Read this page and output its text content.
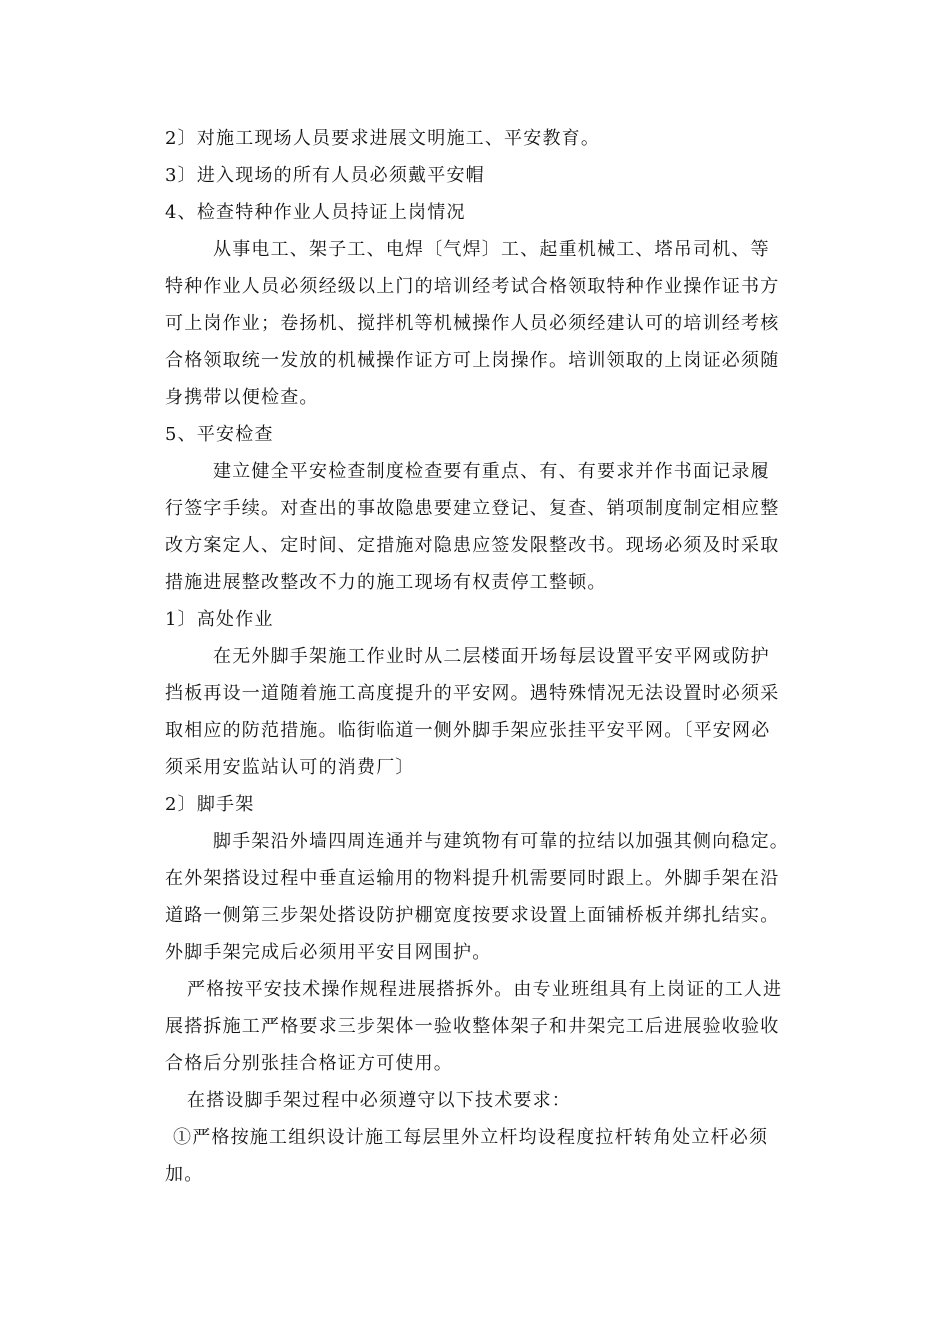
2〕对施工现场人员要求进展文明施工、平安教育。
3〕进入现场的所有人员必须戴平安帽
4、检查特种作业人员持证上岗情况
从事电工、架子工、电焊〔气焊〕工、起重机械工、塔吊司机、等
特种作业人员必须经级以上门的培训经考试合格领取特种作业操作证书方
可上岗作业；卷扬机、搅拌机等机械操作人员必须经建认可的培训经考核
合格领取统一发放的机械操作证方可上岗操作。培训领取的上岗证必须随
身携带以便检查。
5、平安检查
建立健全平安检查制度检查要有重点、有、有要求并作书面记录履
行签字手续。对查出的事故隐患要建立登记、复查、销项制度制定相应整
改方案定人、定时间、定措施对隐患应签发限整改书。现场必须及时采取
措施进展整改整改不力的施工现场有权责停工整顿。
1〕高处作业
在无外脚手架施工作业时从二层楼面开场每层设置平安平网或防护
挡板再设一道随着施工高度提升的平安网。遇特殊情况无法设置时必须采
取相应的防范措施。临街临道一侧外脚手架应张挂平安平网。〔平安网必
须采用安监站认可的消费厂〕
2〕脚手架
脚手架沿外墙四周连通并与建筑物有可靠的拉结以加强其侧向稳定。
在外架搭设过程中垂直运输用的物料提升机需要同时跟上。外脚手架在沿
道路一侧第三步架处搭设防护棚宽度按要求设置上面铺桥板并绑扎结实。
外脚手架完成后必须用平安目网围护。
严格按平安技术操作规程进展搭拆外。由专业班组具有上岗证的工人进
展搭拆施工严格要求三步架体一验收整体架子和井架完工后进展验收验收
合格后分别张挂合格证方可使用。
在搭设脚手架过程中必须遵守以下技术要求：
①严格按施工组织设计施工每层里外立杆均设程度拉杆转角处立杆必须
加。
